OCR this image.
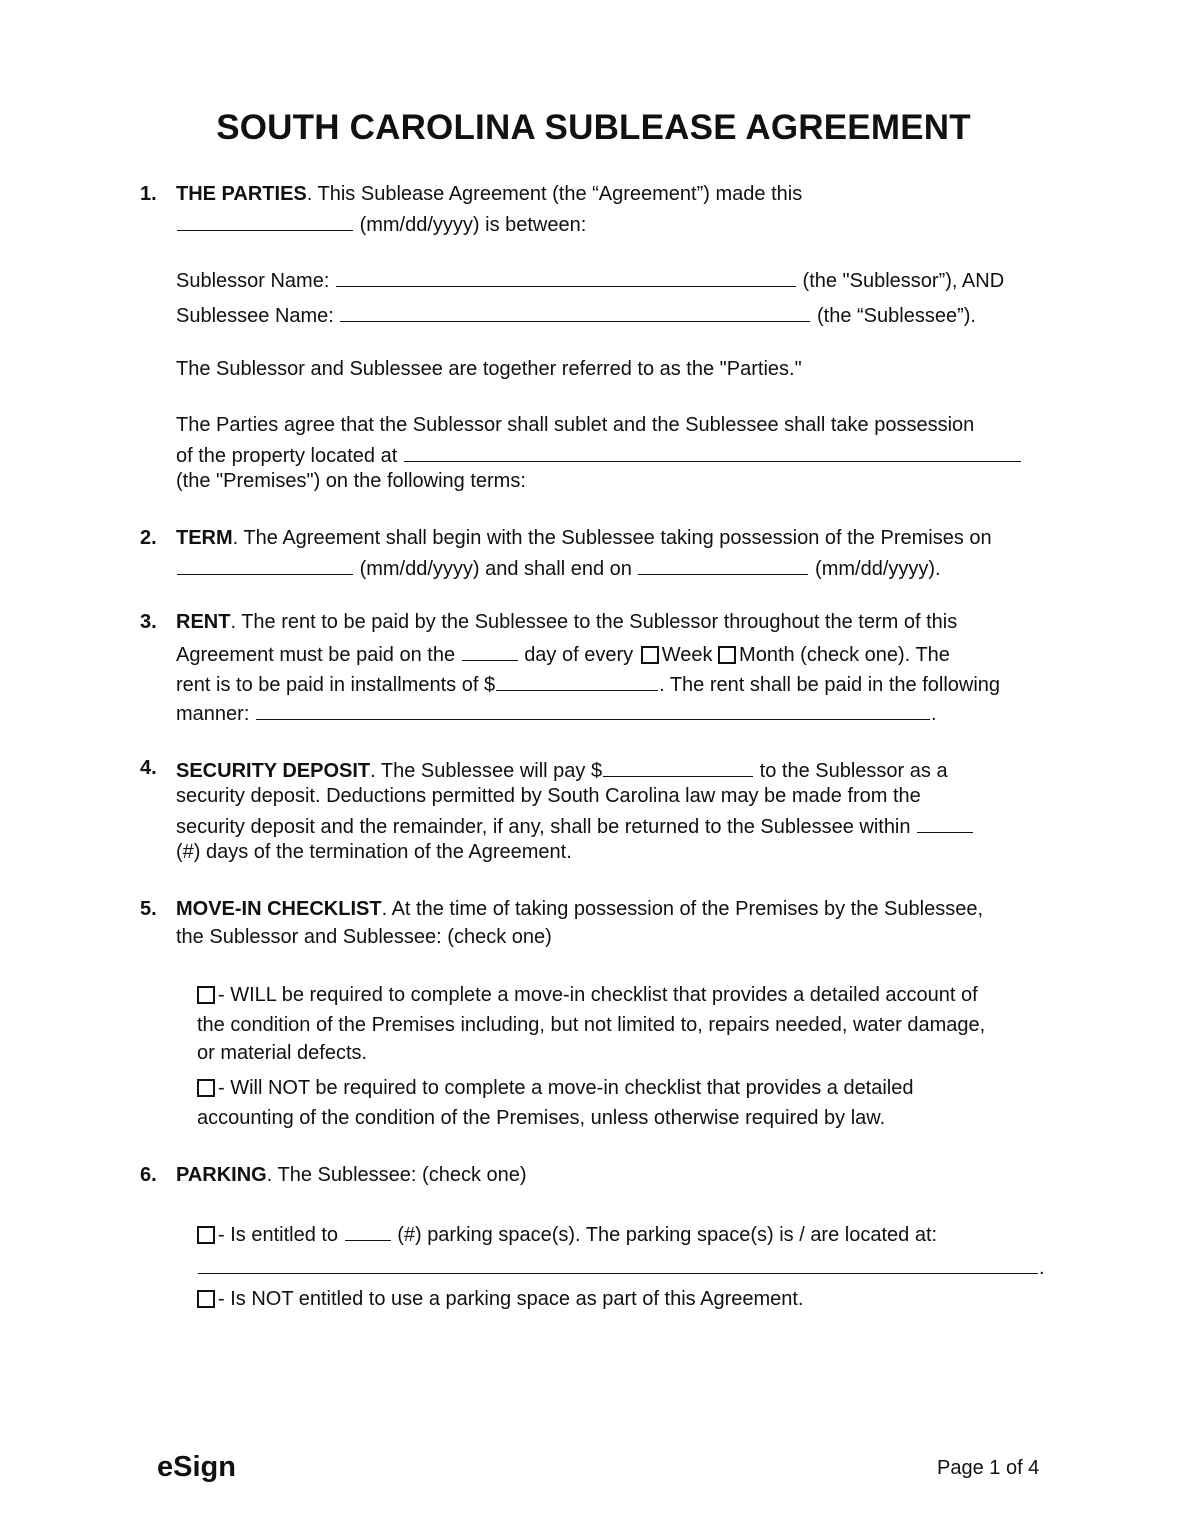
SOUTH CAROLINA SUBLEASE AGREEMENT
1. THE PARTIES. This Sublease Agreement (the “Agreement”) made this
(mm/dd/yyyy) is between:
Sublessor Name:	(the "Sublessor”), AND
Sublessee Name:	(the “Sublessee”).
The Sublessor and Sublessee are together referred to as the "Parties."
The Parties agree that the Sublessor shall sublet and the Sublessee shall take possession
of the property located at
(the "Premises") on the following terms:
2. TERM. The Agreement shall begin with the Sublessee taking possession of the Premises on
(mm/dd/yyyy) and shall end on	(mm/dd/yyyy).
3. RENT. The rent to be paid by the Sublessee to the Sublessor throughout the term of this
Agreement must be paid on the	day of every Week Month (check one). The
rent is to be paid in installments of $	. The rent shall be paid in the following
manner:	.
4. SECURITY DEPOSIT. The Sublessee will pay $	to the Sublessor as a
security deposit. Deductions permitted by South Carolina law may be made from the
security deposit and the remainder, if any, shall be returned to the Sublessee within
(#) days of the termination of the Agreement.
5. MOVE-IN CHECKLIST. At the time of taking possession of the Premises by the Sublessee,
the Sublessor and Sublessee: (check one)
- WILL be required to complete a move-in checklist that provides a detailed account of
the condition of the Premises including, but not limited to, repairs needed, water damage,
or material defects.
- Will NOT be required to complete a move-in checklist that provides a detailed
accounting of the condition of the Premises, unless otherwise required by law.
6. PARKING. The Sublessee: (check one)
- Is entitled to	(#) parking space(s). The parking space(s) is / are located at:
.
- Is NOT entitled to use a parking space as part of this Agreement.
eSign	Page 1 of 4
